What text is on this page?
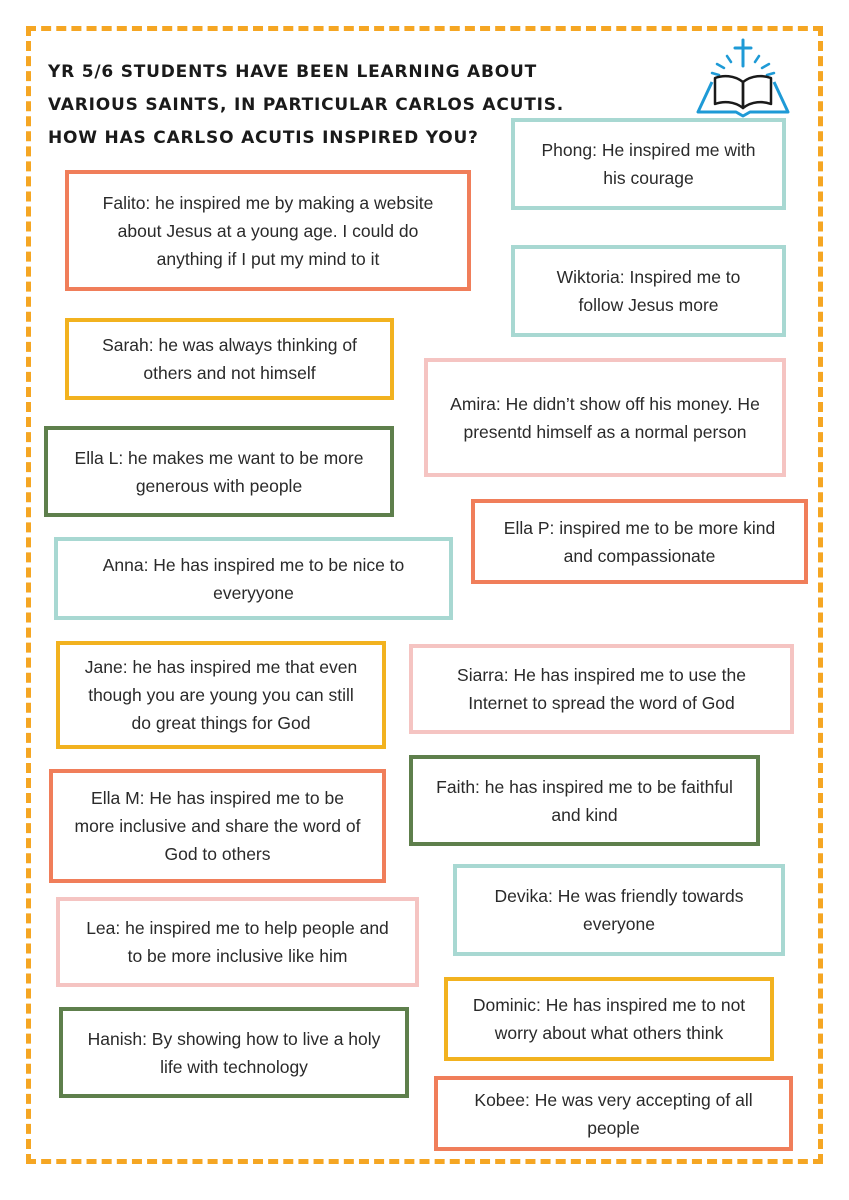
YR 5/6 STUDENTS HAVE BEEN LEARNING ABOUT
VARIOUS SAINTS, IN PARTICULAR CARLOS ACUTIS.
HOW HAS CARLSO ACUTIS INSPIRED YOU?
Phong: He inspired me with his courage
Falito: he inspired me by making a website about Jesus at a young age. I could do anything if I put my mind to it
Wiktoria: Inspired me to follow Jesus more
Sarah: he was always thinking of others and not himself
Amira: He didn’t show off his money. He presentd himself as a normal person
Ella L: he makes me want to be more generous with people
Ella P: inspired me to be more kind and compassionate
Anna: He has inspired me to be nice to everyyone
Jane: he has inspired me that even though you are young you can still do great things for God
Siarra: He has inspired me to use the Internet to spread the word of God
Faith: he has inspired me to be faithful and kind
Ella M: He has inspired me to be more inclusive and share the word of God to others
Devika: He was friendly towards everyone
Lea: he inspired me to help people and to be more inclusive like him
Dominic: He has inspired me to not worry about what others think
Hanish: By showing how to live a holy life with technology
Kobee: He was very accepting of all people
